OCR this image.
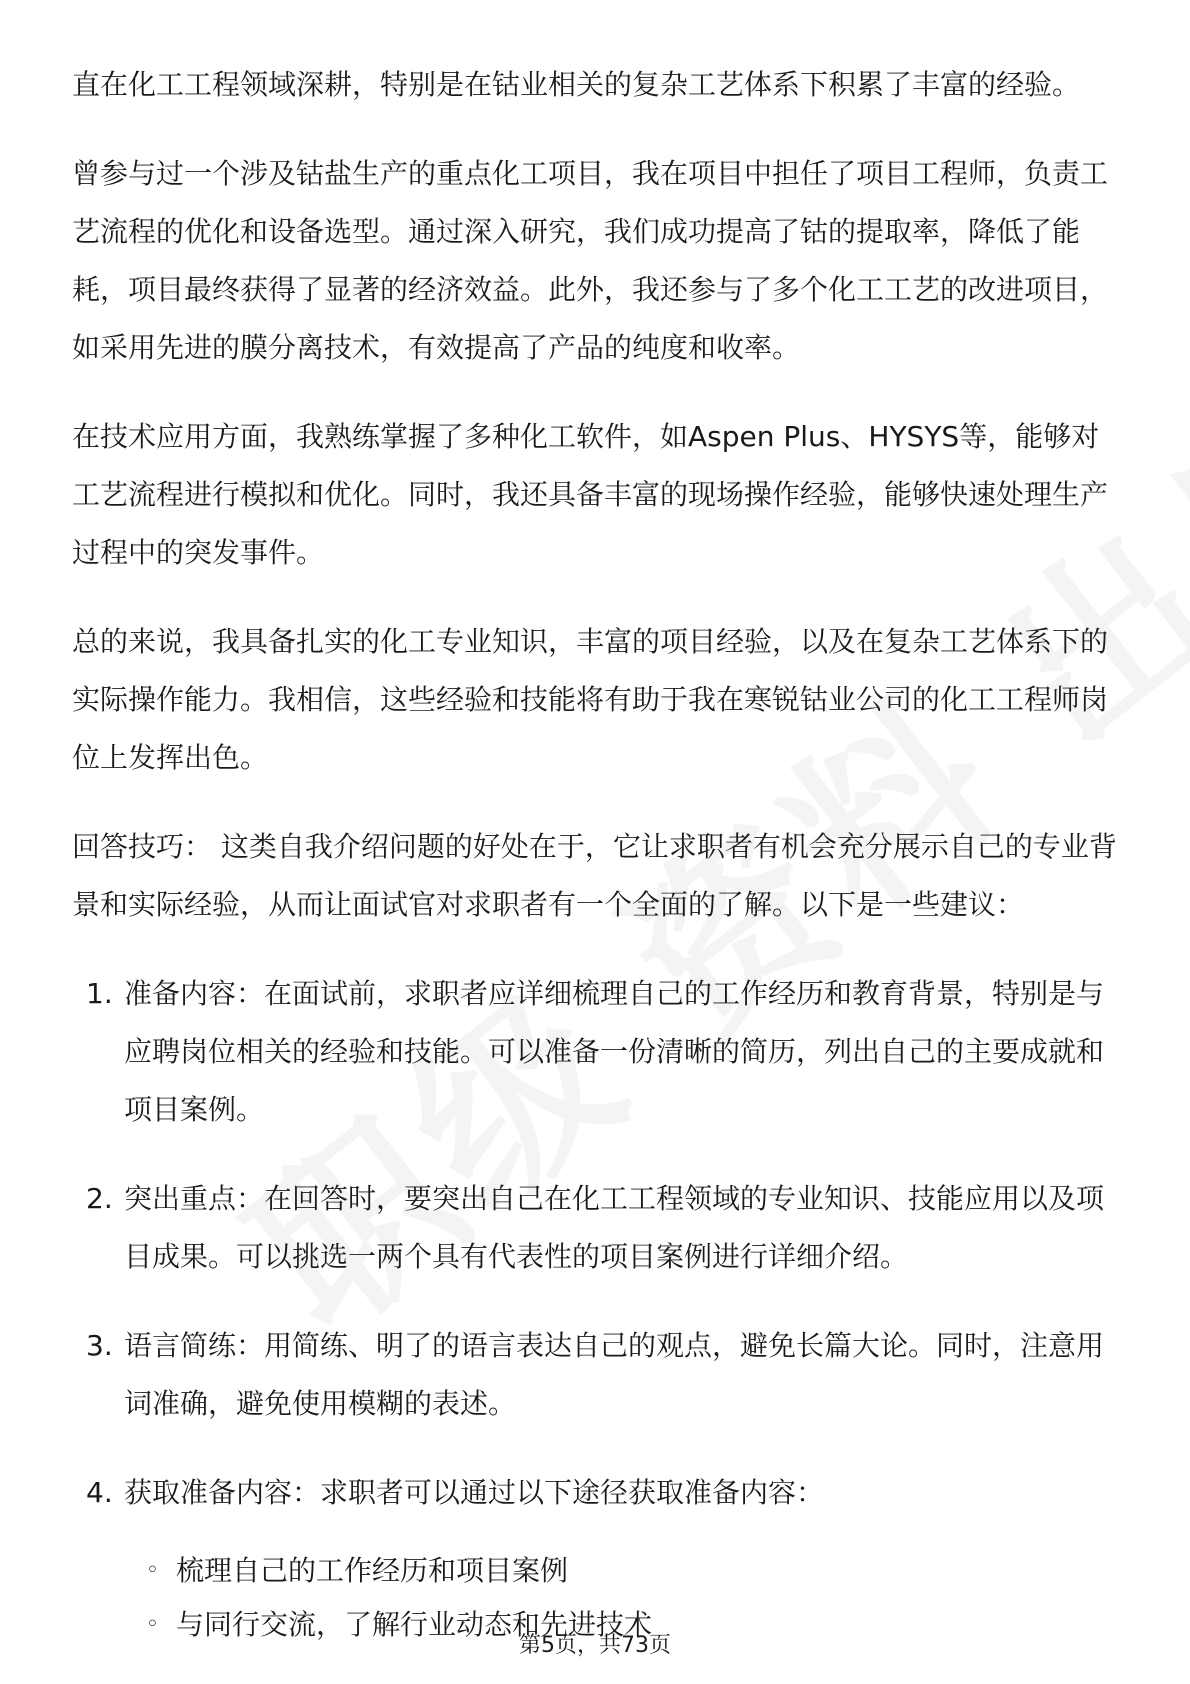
直在化工工程领域深耕，特别是在钴业相关的复杂工艺体系下积累了丰富的经验。

曾参与过一个涉及钴盐生产的重点化工项目，我在项目中担任了项目工程师，负责工艺流程的优化和设备选型。通过深入研究，我们成功提高了钴的提取率，降低了能耗，项目最终获得了显著的经济效益。此外，我还参与了多个化工工艺的改进项目，如采用先进的膜分离技术，有效提高了产品的纯度和收率。

在技术应用方面，我熟练掌握了多种化工软件，如Aspen Plus、HYSYS等，能够对工艺流程进行模拟和优化。同时，我还具备丰富的现场操作经验，能够快速处理生产过程中的突发事件。

总的来说，我具备扎实的化工专业知识，丰富的项目经验，以及在复杂工艺体系下的实际操作能力。我相信，这些经验和技能将有助于我在寒锐钴业公司的化工工程师岗位上发挥出色。

回答技巧： 这类自我介绍问题的好处在于，它让求职者有机会充分展示自己的专业背景和实际经验，从而让面试官对求职者有一个全面的了解。以下是一些建议：

1. 准备内容：在面试前，求职者应详细梳理自己的工作经历和教育背景，特别是与应聘岗位相关的经验和技能。可以准备一份清晰的简历，列出自己的主要成就和项目案例。
2. 突出重点：在回答时，要突出自己在化工工程领域的专业知识、技能应用以及项目成果。可以挑选一两个具有代表性的项目案例进行详细介绍。
3. 语言简练：用简练、明了的语言表达自己的观点，避免长篇大论。同时，注意用词准确，避免使用模糊的表述。
4. 获取准备内容：求职者可以通过以下途径获取准备内容：
◦ 梳理自己的工作经历和项目案例
◦ 与同行交流，了解行业动态和先进技术
第5页，共73页
